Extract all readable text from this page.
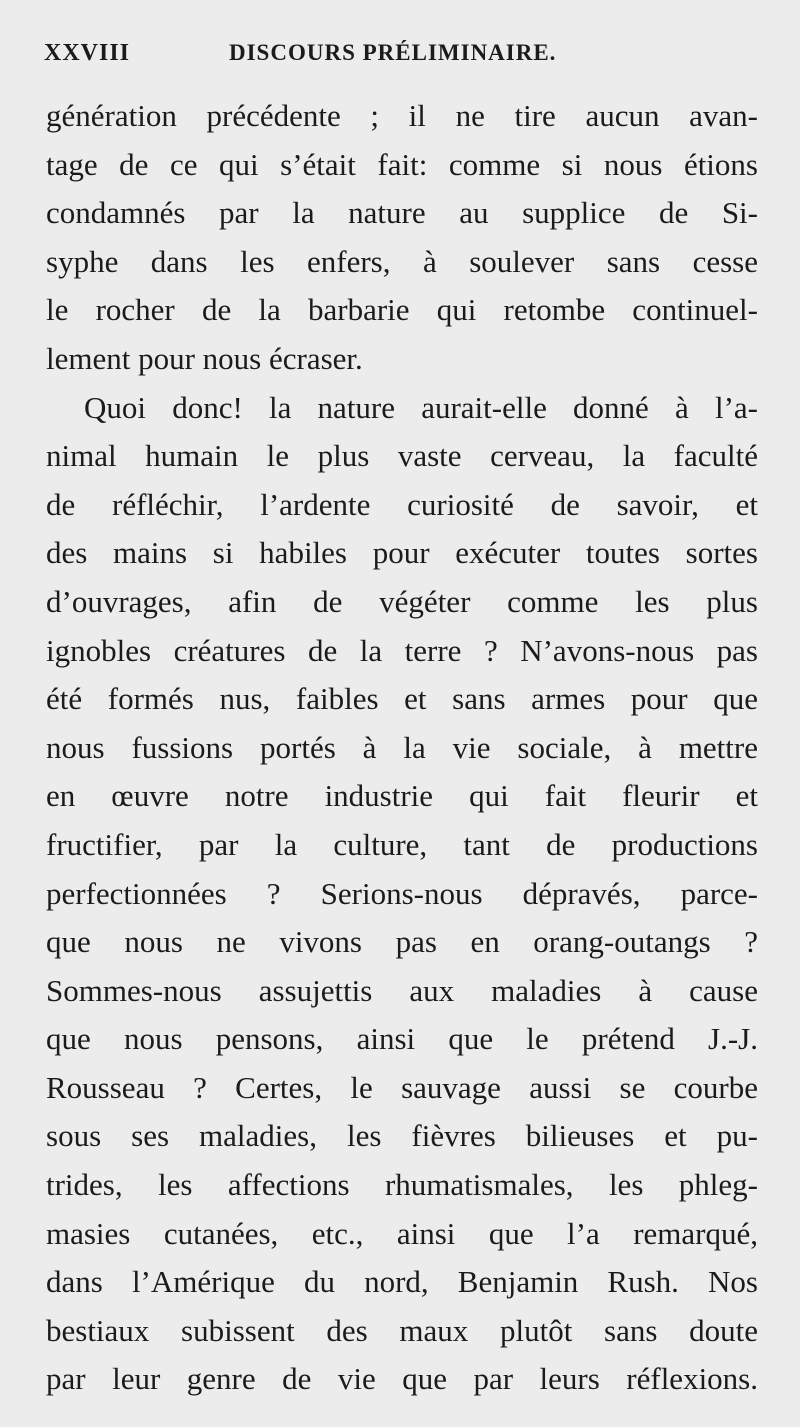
XXVIII	DISCOURS PRÉLIMINAIRE.
génération précédente ; il ne tire aucun avan-
tage de ce qui s’était fait: comme si nous étions
condamnés par la nature au supplice de Si-
syphe dans les enfers, à soulever sans cesse
le rocher de la barbarie qui retombe continuel-
lement pour nous écraser.
Quoi donc! la nature aurait-elle donné à l’a-
nimal humain le plus vaste cerveau, la faculté
de réfléchir, l’ardente curiosité de savoir, et
des mains si habiles pour exécuter toutes sortes
d’ouvrages, afin de végéter comme les plus
ignobles créatures de la terre ? N’avons-nous pas
été formés nus, faibles et sans armes pour que
nous fussions portés à la vie sociale, à mettre
en œuvre notre industrie qui fait fleurir et
fructifier, par la culture, tant de productions
perfectionnées ? Serions-nous dépravés, parce-
que nous ne vivons pas en orang-outangs ?
Sommes-nous assujettis aux maladies à cause
que nous pensons, ainsi que le prétend J.-J.
Rousseau ? Certes, le sauvage aussi se courbe
sous ses maladies, les fièvres bilieuses et pu-
trides, les affections rhumatismales, les phleg-
masies cutanées, etc., ainsi que l’a remarqué,
dans l’Amérique du nord, Benjamin Rush. Nos
bestiaux subissent des maux plutôt sans doute
par leur genre de vie que par leurs réflexions.
